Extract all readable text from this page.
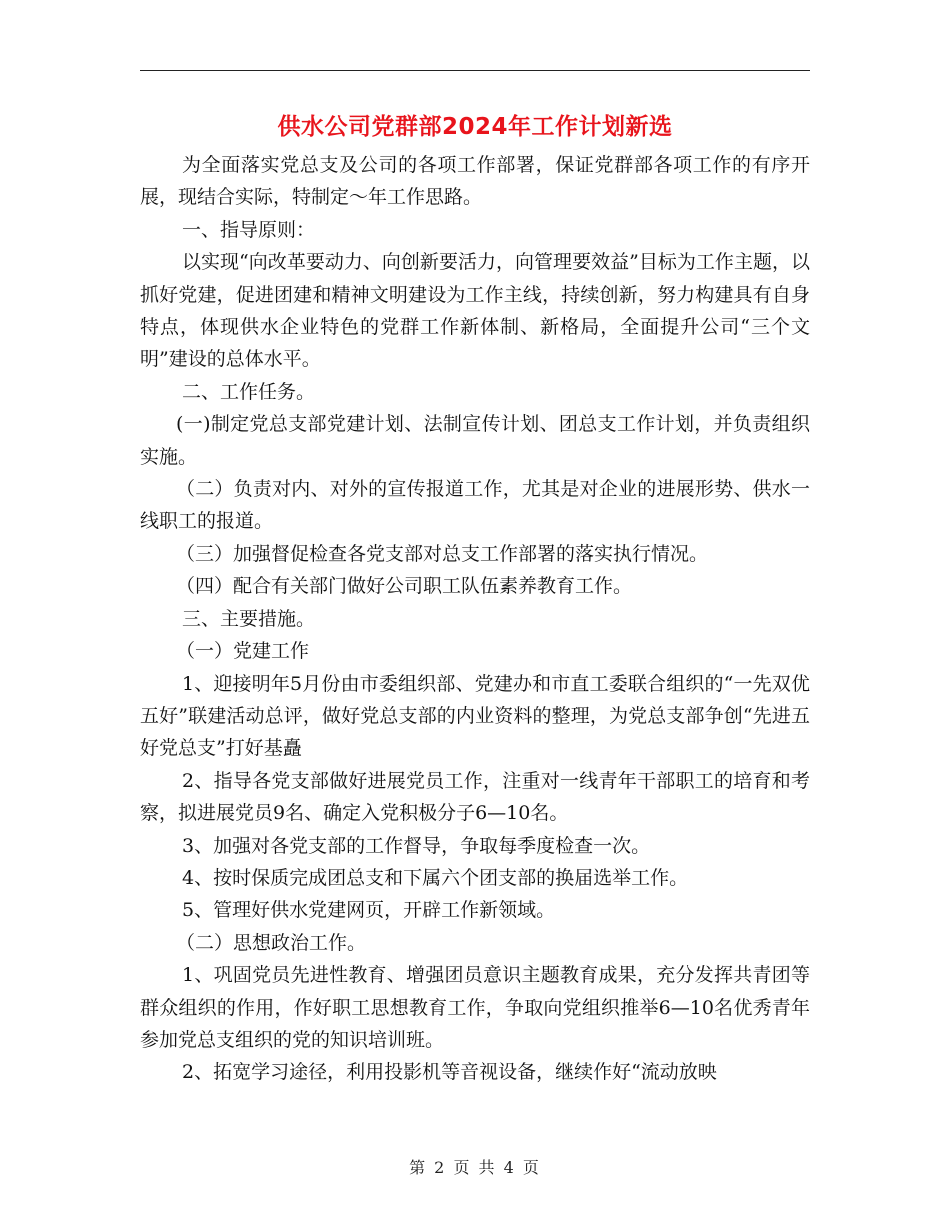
供水公司党群部2024年工作计划新选

为全面落实党总支及公司的各项工作部署，保证党群部各项工作的有序开展，现结合实际，特制定～年工作思路。

一、指导原则：

以实现“向改革要动力、向创新要活力，向管理要效益”目标为工作主题，以抓好党建，促进团建和精神文明建设为工作主线，持续创新，努力构建具有自身特点，体现供水企业特色的党群工作新体制、新格局，全面提升公司“三个文明”建设的总体水平。

二、工作任务。

(一)制定党总支部党建计划、法制宣传计划、团总支工作计划，并负责组织实施。

（二）负责对内、对外的宣传报道工作，尤其是对企业的进展形势、供水一线职工的报道。

（三）加强督促检查各党支部对总支工作部署的落实执行情况。

（四）配合有关部门做好公司职工队伍素养教育工作。

三、主要措施。

（一）党建工作

1、迎接明年5月份由市委组织部、党建办和市直工委联合组织的“一先双优五好”联建活动总评，做好党总支部的内业资料的整理，为党总支部争创“先进五好党总支”打好基矗

2、指导各党支部做好进展党员工作，注重对一线青年干部职工的培育和考察，拟进展党员9名、确定入党积极分子6—10名。

3、加强对各党支部的工作督导，争取每季度检查一次。

4、按时保质完成团总支和下属六个团支部的换届选举工作。

5、管理好供水党建网页，开辟工作新领域。

（二）思想政治工作。

1、巩固党员先进性教育、增强团员意识主题教育成果，充分发挥共青团等群众组织的作用，作好职工思想教育工作，争取向党组织推举6—10名优秀青年参加党总支组织的党的知识培训班。

2、拓宽学习途径，利用投影机等音视设备，继续作好“流动放映

第 2 页 共 4 页
